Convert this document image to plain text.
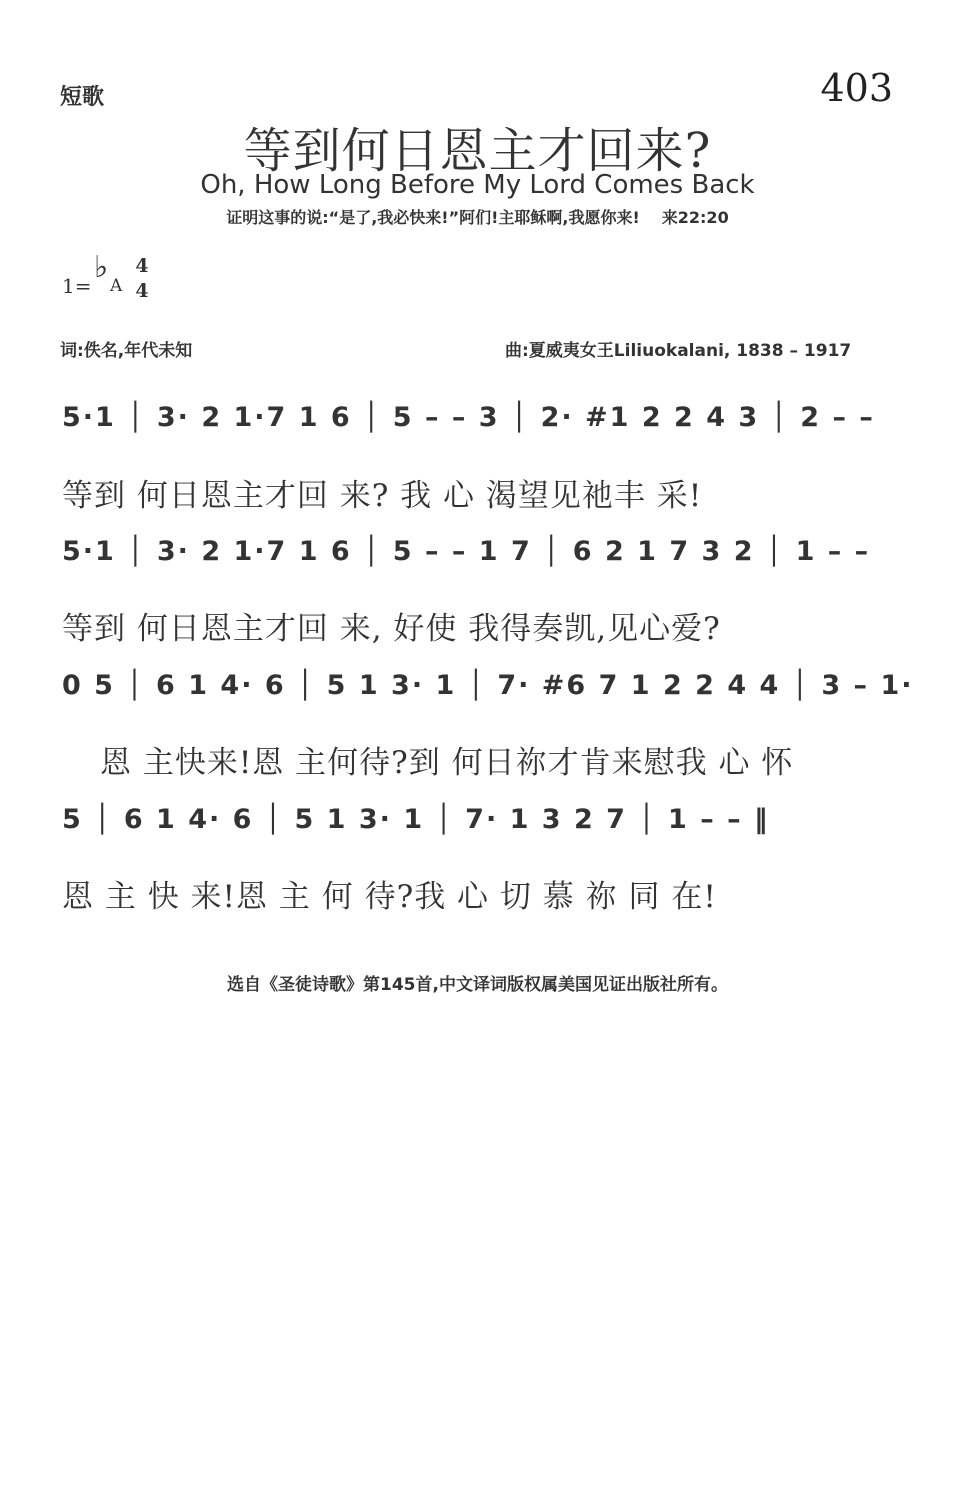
短歌	403
等到何日恩主才回来?
Oh, How Long Before My Lord Comes Back
证明这事的说:“是了,我必快来!”阿们!主耶稣啊,我愿你来! 来22:20
1=
♭
A
4
4
词:佚名,年代未知	曲:夏威夷女王Liliuokalani, 1838 – 1917
5·1 │ 3· 2 1·7 1 6 │ 5 – – 3 │ 2· #1 2 2 4 3 │ 2 – –
等到 何日恩主才回 来? 我 心 渴望见祂丰 采!
5·1 │ 3· 2 1·7 1 6 │ 5 – – 1 7 │ 6 2 1 7 3 2 │ 1 – –
等到 何日恩主才回 来, 好使 我得奏凯,见心爱?
0 5 │ 6 1 4· 6 │ 5 1 3· 1 │ 7· #6 7 1 2 2 4 4 │ 3 – 1·
恩 主快来!恩 主何待?到 何日祢才肯来慰我 心 怀
5 │ 6 1 4· 6 │ 5 1 3· 1 │ 7· 1 3 2 7 │ 1 – – ‖
恩 主 快 来!恩 主 何 待?我 心 切 慕 祢 同 在!
选自《圣徒诗歌》第145首,中文译词版权属美国见证出版社所有。
